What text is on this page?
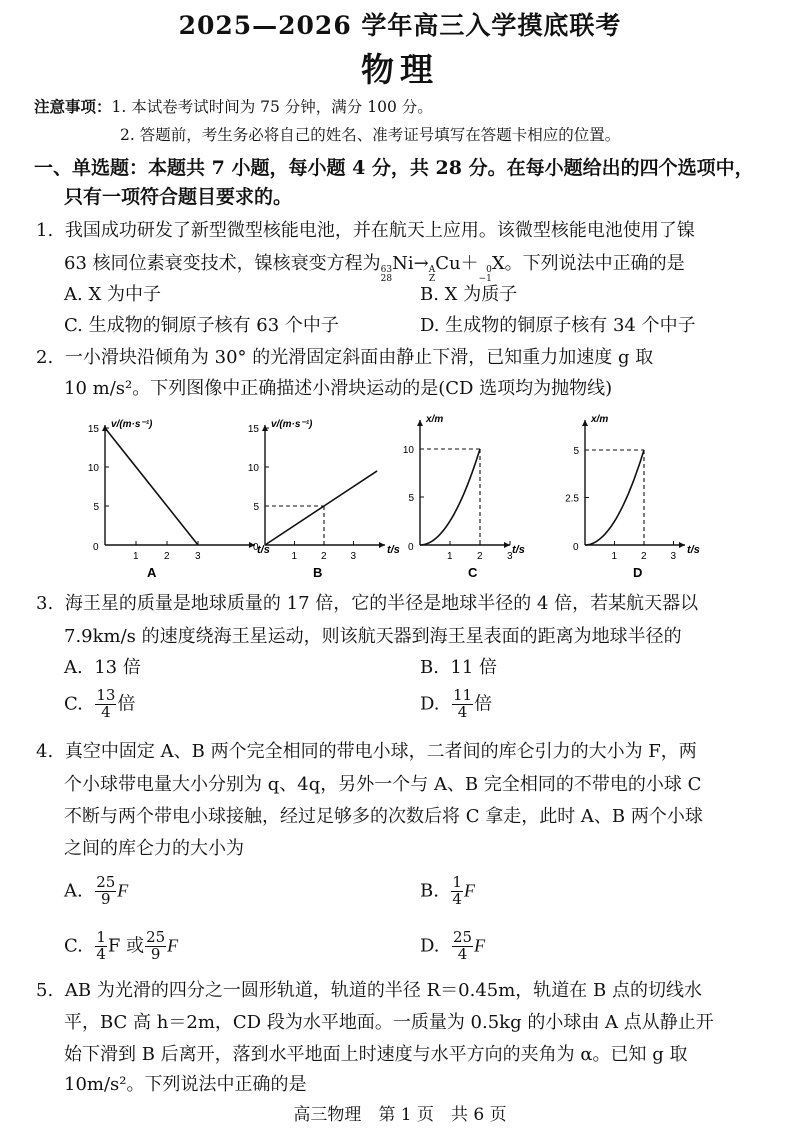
2025—2026 学年高三入学摸底联考
物理
注意事项：1. 本试卷考试时间为 75 分钟，满分 100 分。
2. 答题前，考生务必将自己的姓名、准考证号填写在答题卡相应的位置。
一、单选题：本题共 7 小题，每小题 4 分，共 28 分。在每小题给出的四个选项中，
只有一项符合题目要求的。
1. 我国成功研发了新型微型核能电池，并在航天上应用。该微型核能电池使用了镍
63 核同位素衰变技术，镍核衰变方程为 63
28
Ni→ A
Z
Cu＋ 0
−1
X。下列说法中正确的是
A. X 为中子	B. X 为质子
C. 生成物的铜原子核有 63 个中子	D. 生成物的铜原子核有 34 个中子
2. 一小滑块沿倾角为 30° 的光滑固定斜面由静止下滑，已知重力加速度 g 取
10 m/s²。下列图像中正确描述小滑块运动的是(CD 选项均为抛物线)
v/(m·s⁻¹)
t/s
0
1	2	3
15
10
5
A
v/(m·s⁻¹)
t/s
0
1 2 3
15
10
5
B
x/m
t/s
0
1 2 3
10
5
C
x/m
t/s
0
1 2 3
5
2.5
D
3. 海王星的质量是地球质量的 17 倍，它的半径是地球半径的 4 倍，若某航天器以
7.9km/s 的速度绕海王星运动，则该航天器到海王星表面的距离为地球半径的
A. 13 倍	B. 11 倍
C. $\frac{13}{4}$ 倍	D. $\frac{11}{4}$ 倍
4. 真空中固定 A、B 两个完全相同的带电小球，二者间的库仑引力的大小为 F，两
个小球带电量大小分别为 q、4q，另外一个与 A、B 完全相同的不带电的小球 C
不断与两个带电小球接触，经过足够多的次数后将 C 拿走，此时 A、B 两个小球
之间的库仑力的大小为
A. $\frac{25}{9}$ F	B. $\frac{1}{4}$ F
C. $\frac{1}{4}$ F 或 $\frac{25}{9}$ F	D. $\frac{25}{4}$ F
5. AB 为光滑的四分之一圆形轨道，轨道的半径 R＝0.45m，轨道在 B 点的切线水
平，BC 高 h＝2m，CD 段为水平地面。一质量为 0.5kg 的小球由 A 点从静止开
始下滑到 B 后离开，落到水平地面上时速度与水平方向的夹角为 α。已知 g 取
10m/s²。下列说法中正确的是
高三物理　第 1 页　共 6 页
